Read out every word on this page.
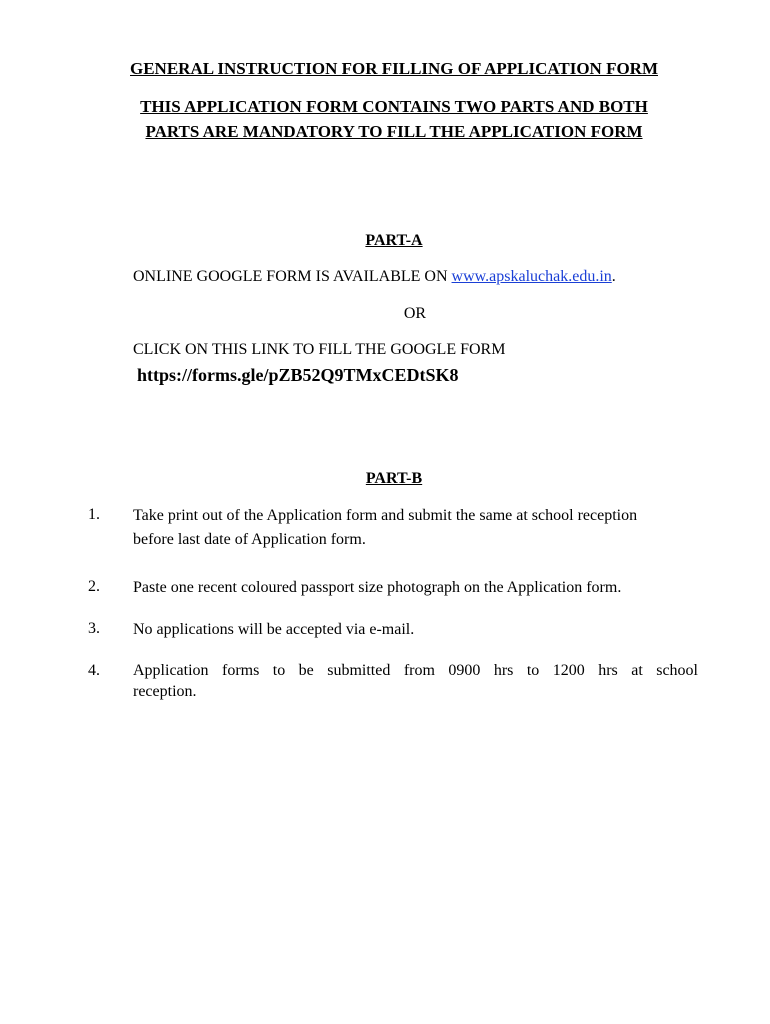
GENERAL INSTRUCTION FOR FILLING OF APPLICATION FORM
THIS APPLICATION FORM CONTAINS TWO PARTS AND BOTH
PARTS ARE MANDATORY TO FILL THE APPLICATION FORM
PART-A
ONLINE GOOGLE FORM IS AVAILABLE ON www.apskaluchak.edu.in.
OR
CLICK ON THIS LINK TO FILL THE GOOGLE FORM
https://forms.gle/pZB52Q9TMxCEDtSK8
PART-B
1. Take print out of the Application form and submit the same at school reception
before last date of Application form.
2. Paste one recent coloured passport size photograph on the Application form.
3. No applications will be accepted via e-mail.
4. Application forms to be submitted from 0900 hrs to 1200 hrs at school
reception.
